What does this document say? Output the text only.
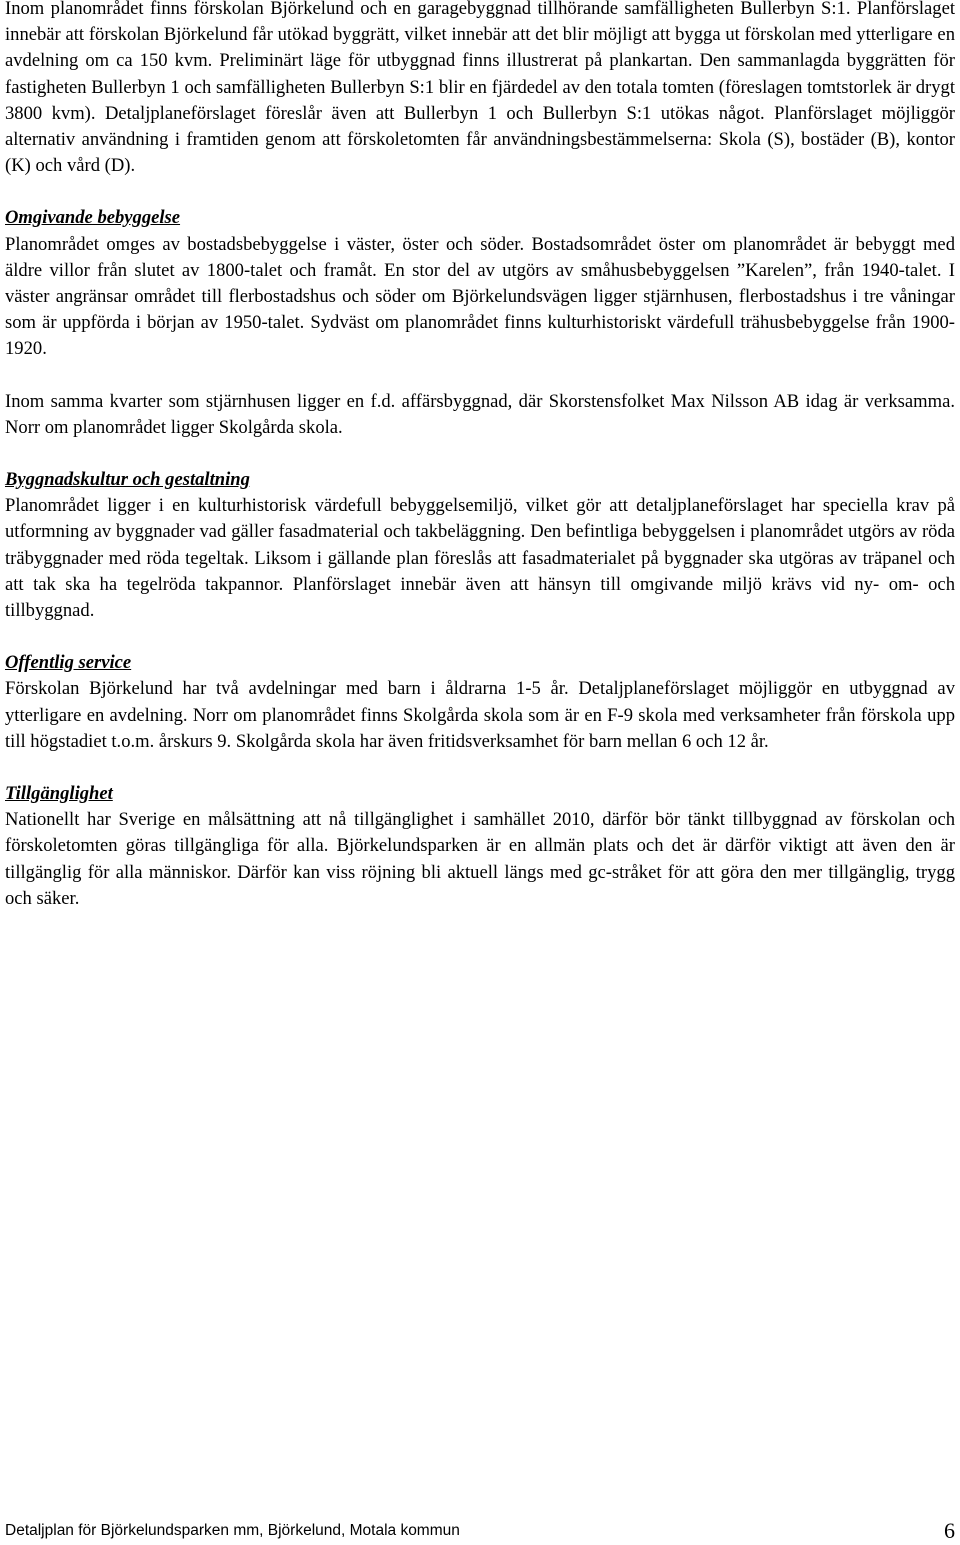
Inom planområdet finns förskolan Björkelund och en garagebyggnad tillhörande samfälligheten Bullerbyn S:1. Planförslaget innebär att förskolan Björkelund får utökad byggrätt, vilket innebär att det blir möjligt att bygga ut förskolan med ytterligare en avdelning om ca 150 kvm. Preliminärt läge för utbyggnad finns illustrerat på plankartan. Den sammanlagda byggrätten för fastigheten Bullerbyn 1 och samfälligheten Bullerbyn S:1 blir en fjärdedel av den totala tomten (föreslagen tomtstorlek är drygt 3800 kvm). Detaljplaneförslaget föreslår även att Bullerbyn 1 och Bullerbyn S:1 utökas något. Planförslaget möjliggör alternativ användning i framtiden genom att förskoletomten får användningsbestämmelserna: Skola (S), bostäder (B), kontor (K) och vård (D).

Omgivande bebyggelse

Planområdet omges av bostadsbebyggelse i väster, öster och söder. Bostadsområdet öster om planområdet är bebyggt med äldre villor från slutet av 1800-talet och framåt. En stor del av utgörs av småhusbebyggelsen ”Karelen”, från 1940-talet. I väster angränsar området till flerbostadshus och söder om Björkelundsvägen ligger stjärnhusen, flerbostadshus i tre våningar som är uppförda i början av 1950-talet. Sydväst om planområdet finns kulturhistoriskt värdefull trähusbebyggelse från 1900-1920.

Inom samma kvarter som stjärnhusen ligger en f.d. affärsbyggnad, där Skorstensfolket Max Nilsson AB idag är verksamma. Norr om planområdet ligger Skolgårda skola.

Byggnadskultur och gestaltning

Planområdet ligger i en kulturhistorisk värdefull bebyggelsemiljö, vilket gör att detaljplaneförslaget har speciella krav på utformning av byggnader vad gäller fasadmaterial och takbeläggning. Den befintliga bebyggelsen i planområdet utgörs av röda träbyggnader med röda tegeltak. Liksom i gällande plan föreslås att fasadmaterialet på byggnader ska utgöras av träpanel och att tak ska ha tegelröda takpannor. Planförslaget innebär även att hänsyn till omgivande miljö krävs vid ny- om- och tillbyggnad.

Offentlig service

Förskolan Björkelund har två avdelningar med barn i åldrarna 1-5 år. Detaljplaneförslaget möjliggör en utbyggnad av ytterligare en avdelning. Norr om planområdet finns Skolgårda skola som är en F-9 skola med verksamheter från förskola upp till högstadiet t.o.m. årskurs 9. Skolgårda skola har även fritidsverksamhet för barn mellan 6 och 12 år.

Tillgänglighet

Nationellt har Sverige en målsättning att nå tillgänglighet i samhället 2010, därför bör tänkt tillbyggnad av förskolan och förskoletomten göras tillgängliga för alla. Björkelundsparken är en allmän plats och det är därför viktigt att även den är tillgänglig för alla människor. Därför kan viss röjning bli aktuell längs med gc-stråket för att göra den mer tillgänglig, trygg och säker.

Detaljplan för Björkelundsparken mm, Björkelund, Motala kommun	6
